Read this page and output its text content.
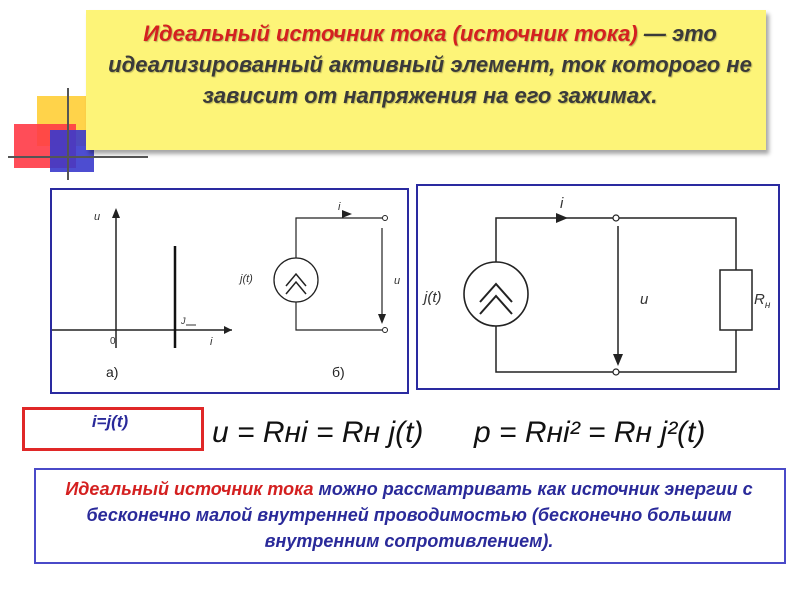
Идеальный источник тока (источник тока) — это идеализированный активный элемент, ток которого не зависит от напряжения на его зажимах.
u
i
0
J
а)
i
j(t)	u
б)
i
j(t)	u	$R_н$
i=j(t)	u = Rнi = Rн j(t) p = Rнi² = Rн j²(t)
Идеальный источник тока можно рассматривать как источник энергии с бесконечно малой внутренней проводимостью (бесконечно большим внутренним сопротивлением).
